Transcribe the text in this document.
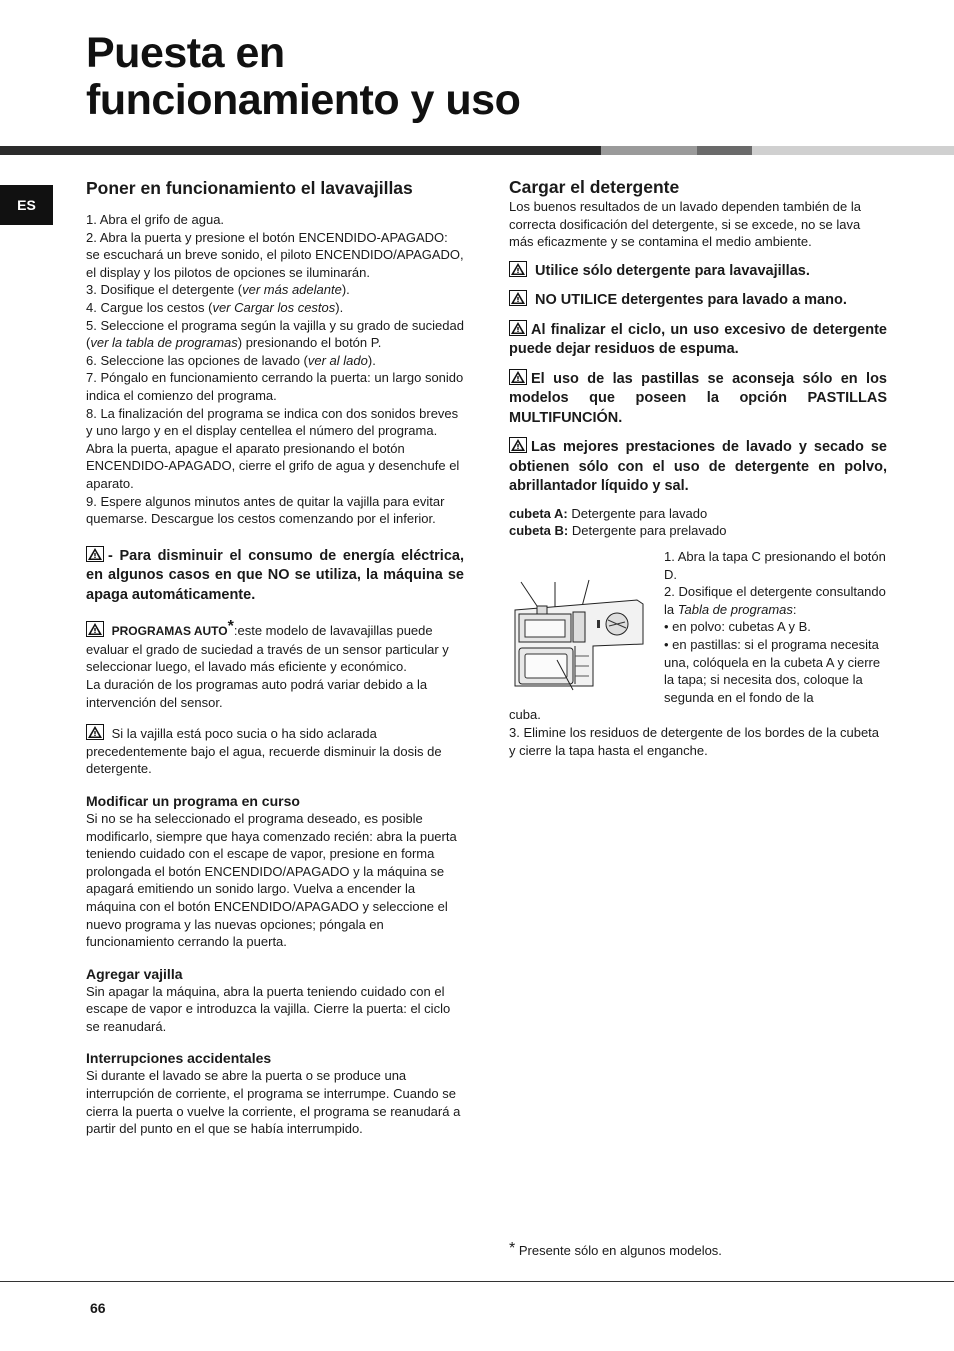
Puesta en
funcionamiento y uso
ES
Poner en funcionamiento el lavavajillas

1. Abra el grifo de agua.

2. Abra la puerta y presione el botón ENCENDIDO-APAGADO: se escuchará un breve sonido, el piloto ENCENDIDO/APAGADO, el display y los pilotos de opciones se iluminarán.

3. Dosifique el detergente (ver más adelante).

4. Cargue los cestos (ver Cargar los cestos).

5. Seleccione el programa según la vajilla y su grado de suciedad (ver la tabla de programas) presionando el botón P.

6. Seleccione las opciones de lavado (ver al lado).

7. Póngalo en funcionamiento cerrando la puerta: un largo sonido indica el comienzo del programa.

8. La finalización del programa se indica con dos sonidos breves y uno largo y en el display centellea el número del programa. Abra la puerta, apague el aparato presionando el botón ENCENDIDO-APAGADO, cierre el grifo de agua y desenchufe el aparato.

9. Espere algunos minutos antes de quitar la vajilla para evitar quemarse. Descargue los cestos comenzando por el inferior.

- Para disminuir el consumo de energía eléctrica, en algunos casos en que NO se utiliza, la máquina se apaga automáticamente.

PROGRAMAS AUTO*:este modelo de lavavajillas puede evaluar el grado de suciedad a través de un sensor particular y seleccionar luego, el lavado más eficiente y económico.

La duración de los programas auto podrá variar debido a la intervención del sensor.

Si la vajilla está poco sucia o ha sido aclarada precedentemente bajo el agua, recuerde disminuir la dosis de detergente.

Modificar un programa en curso

Si no se ha seleccionado el programa deseado, es posible modificarlo, siempre que haya comenzado recién: abra la puerta teniendo cuidado con el escape de vapor, presione en forma prolongada el botón ENCENDIDO/APAGADO y la máquina se apagará emitiendo un sonido largo. Vuelva a encender la máquina con el botón ENCENDIDO/APAGADO y seleccione el nuevo programa y las nuevas opciones; póngala en funcionamiento cerrando la puerta.

Agregar vajilla

Sin apagar la máquina, abra la puerta teniendo cuidado con el escape de vapor e introduzca la vajilla. Cierre la puerta: el ciclo se reanudará.

Interrupciones accidentales

Si durante el lavado se abre la puerta o se produce una interrupción de corriente, el programa se interrumpe. Cuando se cierra la puerta o vuelve la corriente, el programa se reanudará a partir del punto en el que se había interrumpido.

Cargar el detergente

Los buenos resultados de un lavado dependen también de la correcta dosificación del detergente, si se excede, no se lava más eficazmente y se contamina el medio ambiente.

Utilice sólo detergente para lavavajillas.

NO UTILICE detergentes para lavado a mano.

Al finalizar el ciclo, un uso excesivo de detergente puede dejar residuos de espuma.

El uso de las pastillas se aconseja sólo en los modelos que poseen la opción PASTILLAS MULTIFUNCIÓN.

Las mejores prestaciones de lavado y secado se obtienen sólo con el uso de detergente en polvo, abrillantador líquido y sal.

cubeta A: Detergente para lavado

cubeta B: Detergente para prelavado

1. Abra la tapa C presionando el botón D.

2. Dosifique el detergente consultando la Tabla de programas:

• en polvo: cubetas A y B.

• en pastillas: si el programa necesita una, colóquela en la cubeta A y cierre la tapa; si necesita dos, coloque la segunda en el fondo de la

cuba.

3. Elimine los residuos de detergente de los bordes de la cubeta y cierre la tapa hasta el enganche.

* Presente sólo en algunos modelos.
66
